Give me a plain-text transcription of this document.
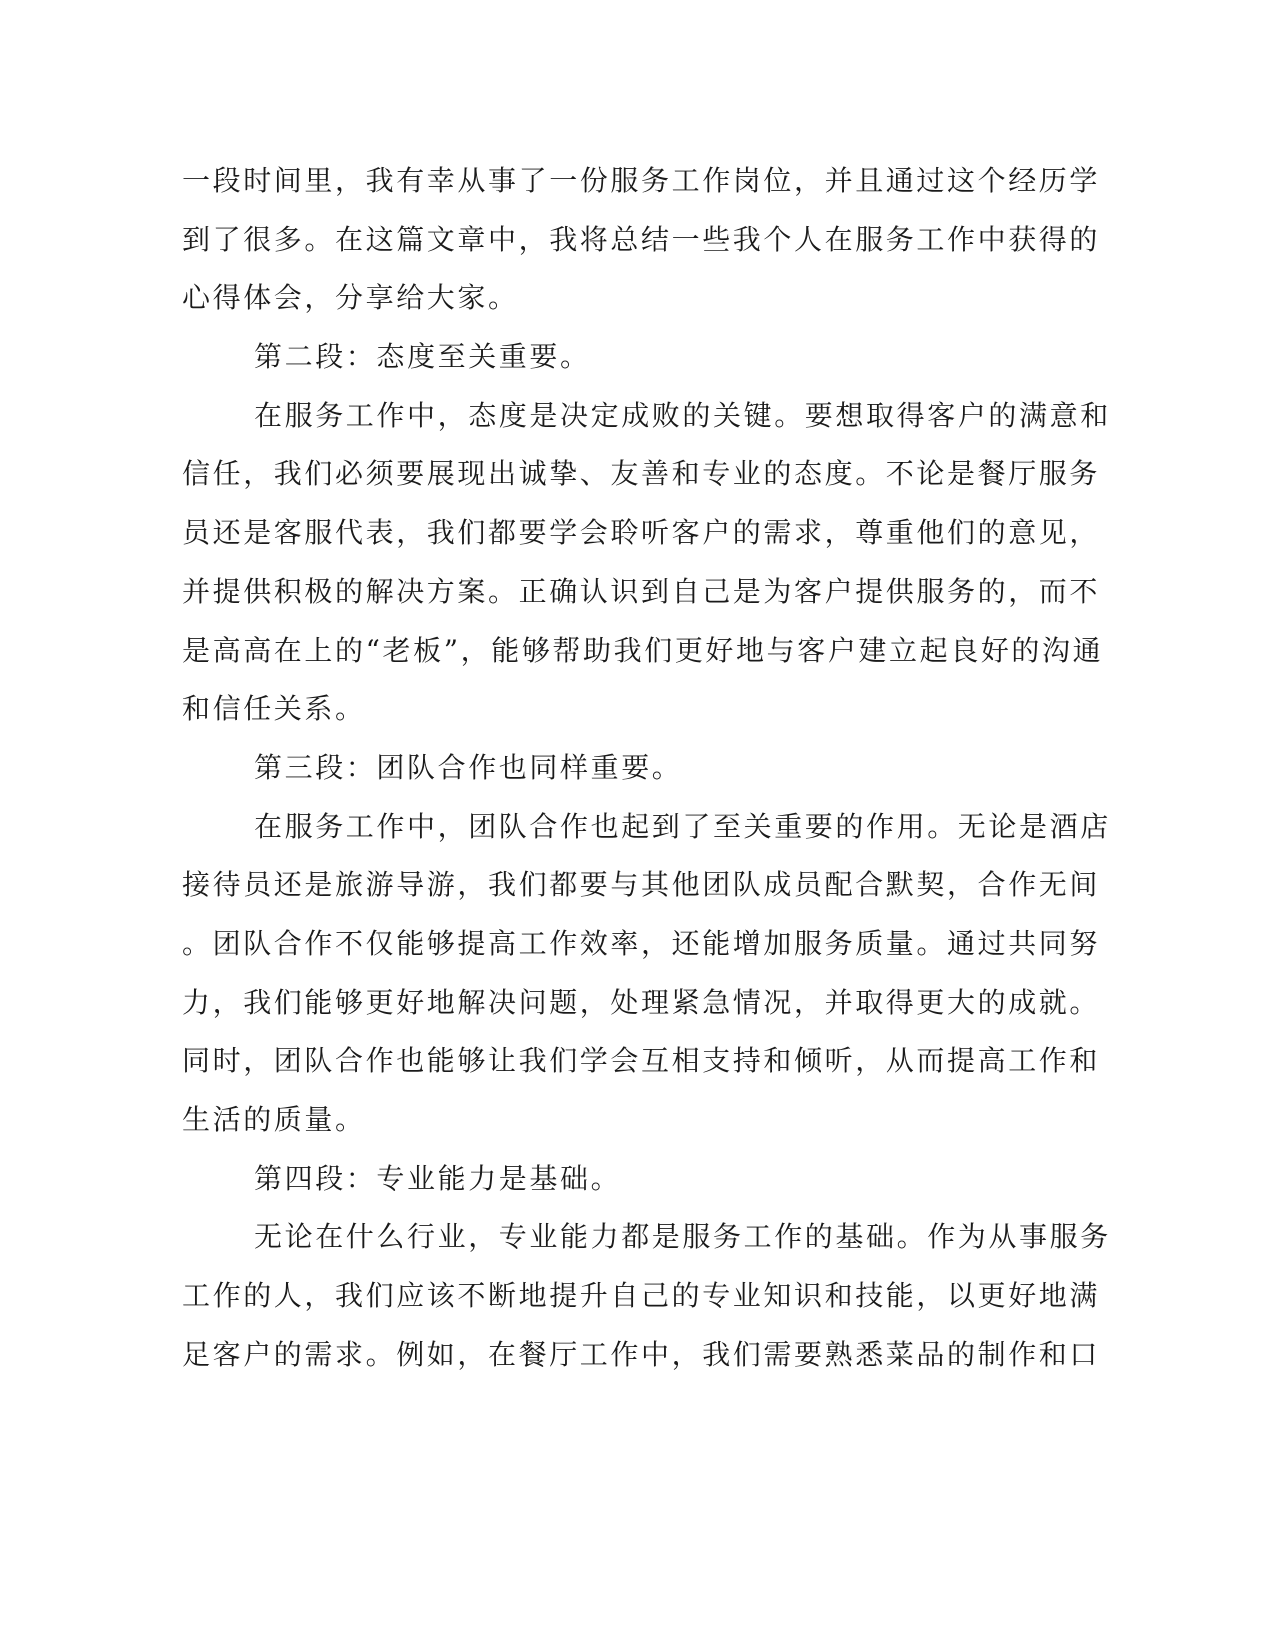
一段时间里，我有幸从事了一份服务工作岗位，并且通过这个经历学
到了很多。在这篇文章中，我将总结一些我个人在服务工作中获得的
心得体会，分享给大家。
第二段：态度至关重要。
在服务工作中，态度是决定成败的关键。要想取得客户的满意和
信任，我们必须要展现出诚挚、友善和专业的态度。不论是餐厅服务
员还是客服代表，我们都要学会聆听客户的需求，尊重他们的意见，
并提供积极的解决方案。正确认识到自己是为客户提供服务的，而不
是高高在上的“老板”，能够帮助我们更好地与客户建立起良好的沟通
和信任关系。
第三段：团队合作也同样重要。
在服务工作中，团队合作也起到了至关重要的作用。无论是酒店
接待员还是旅游导游，我们都要与其他团队成员配合默契，合作无间
。团队合作不仅能够提高工作效率，还能增加服务质量。通过共同努
力，我们能够更好地解决问题，处理紧急情况，并取得更大的成就。
同时，团队合作也能够让我们学会互相支持和倾听，从而提高工作和
生活的质量。
第四段：专业能力是基础。
无论在什么行业，专业能力都是服务工作的基础。作为从事服务
工作的人，我们应该不断地提升自己的专业知识和技能，以更好地满
足客户的需求。例如，在餐厅工作中，我们需要熟悉菜品的制作和口
